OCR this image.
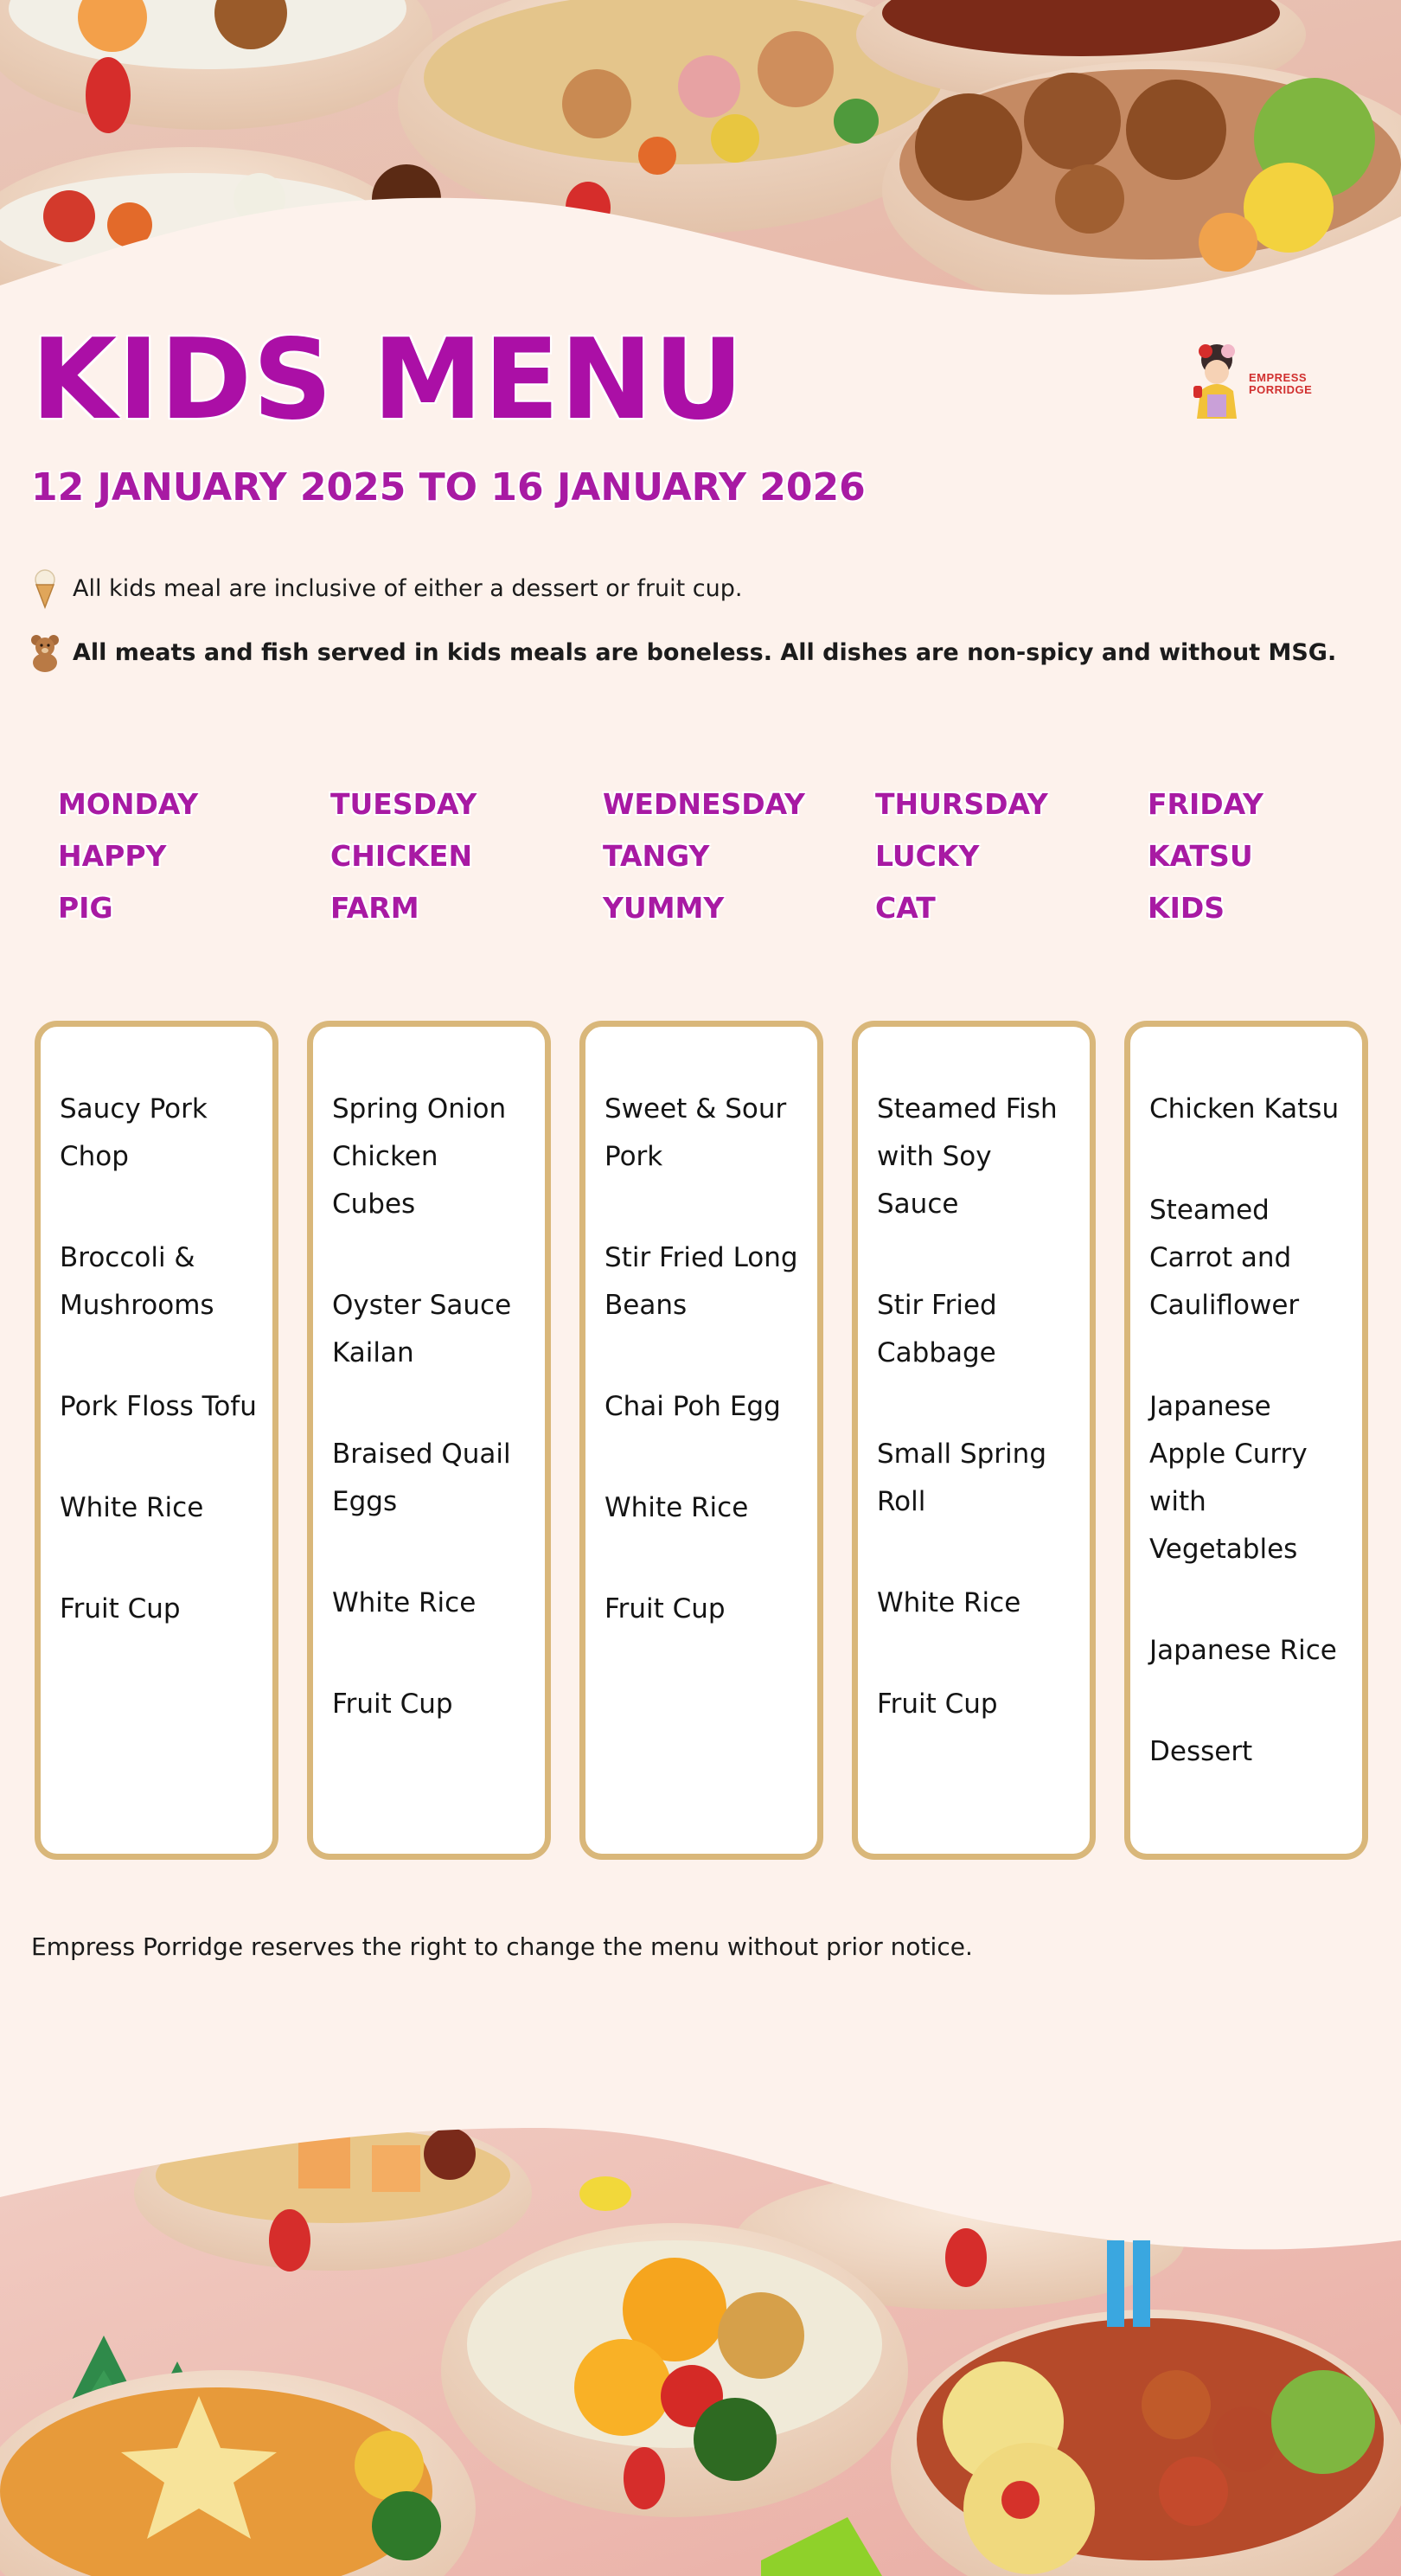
EMPRESS
PORRIDGE
KIDS MENU
12 JANUARY 2025 TO 16 JANUARY 2026
All kids meal are inclusive of either a dessert or fruit cup.
All meats and fish served in kids meals are boneless. All dishes are non-spicy and without MSG.
MONDAY
HAPPY
PIG
TUESDAY
CHICKEN
FARM
WEDNESDAY
TANGY
YUMMY
THURSDAY
LUCKY
CAT
FRIDAY
KATSU
KIDS
Saucy Pork Chop
Broccoli & Mushrooms
Pork Floss Tofu
White Rice
Fruit Cup
Spring Onion Chicken Cubes
Oyster Sauce Kailan
Braised Quail Eggs
White Rice
Fruit Cup
Sweet & Sour Pork
Stir Fried Long Beans
Chai Poh Egg
White Rice
Fruit Cup
Steamed Fish with Soy Sauce
Stir Fried Cabbage
Small Spring Roll
White Rice
Fruit Cup
Chicken Katsu
Steamed Carrot and Cauliflower
Japanese Apple Curry with Vegetables
Japanese Rice
Dessert

Empress Porridge reserves the right to change the menu without prior notice.
